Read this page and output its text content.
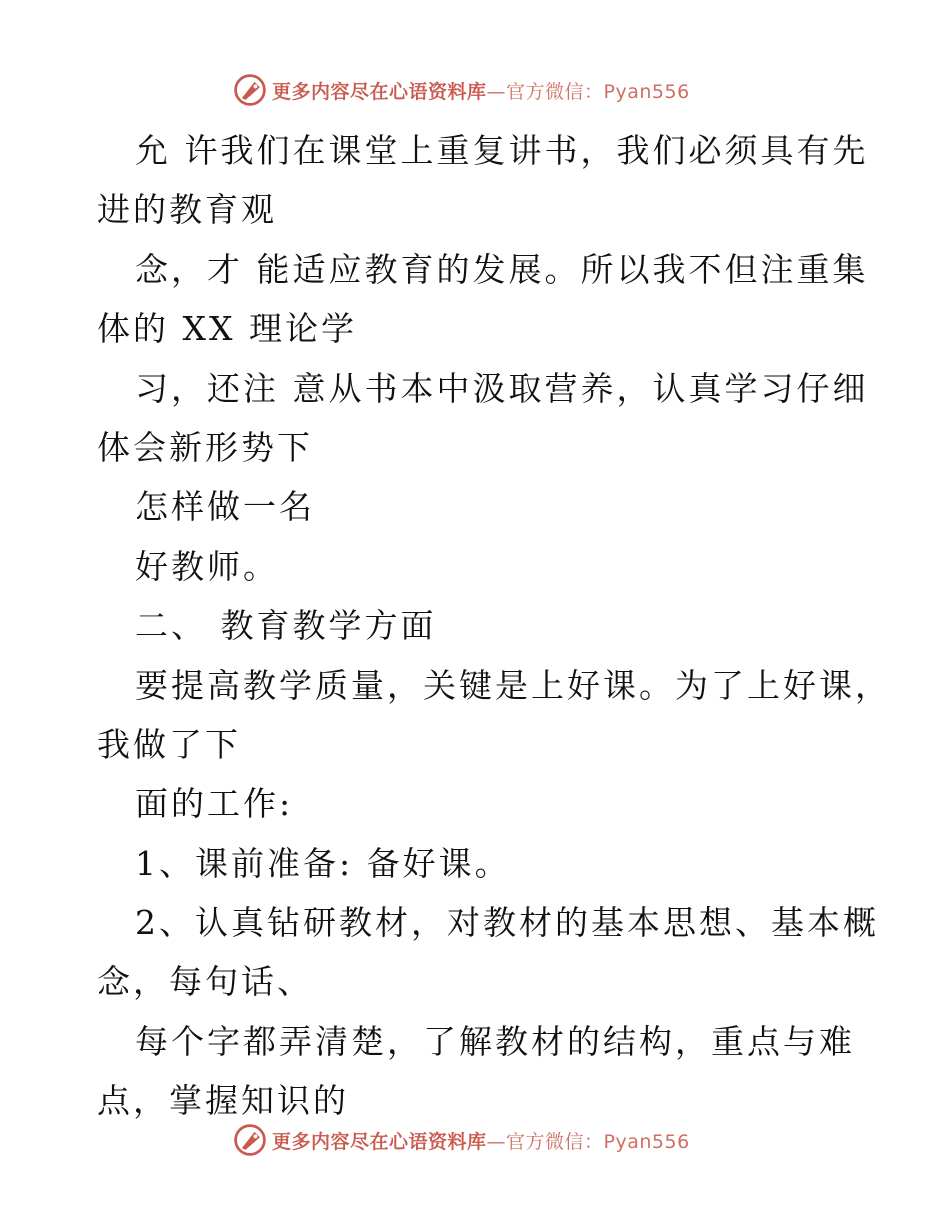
更多内容尽在心语资料库 —官方微信：Pyan556
允 许我们在课堂上重复讲书，我们必须具有先
进的教育观
念，才 能适应教育的发展。所以我不但注重集
体的 XX 理论学
习，还注 意从书本中汲取营养，认真学习仔细
体会新形势下
怎样做一名
好教师。
二、 教育教学方面
要提高教学质量，关键是上好课。为了上好课，
我做了下
面的工作:
1、课前准备: 备好课。
2、认真钻研教材，对教材的基本思想、基本概
念，每句话、
每个字都弄清楚，了解教材的结构，重点与难
点，掌握知识的
更多内容尽在心语资料库 —官方微信：Pyan556
